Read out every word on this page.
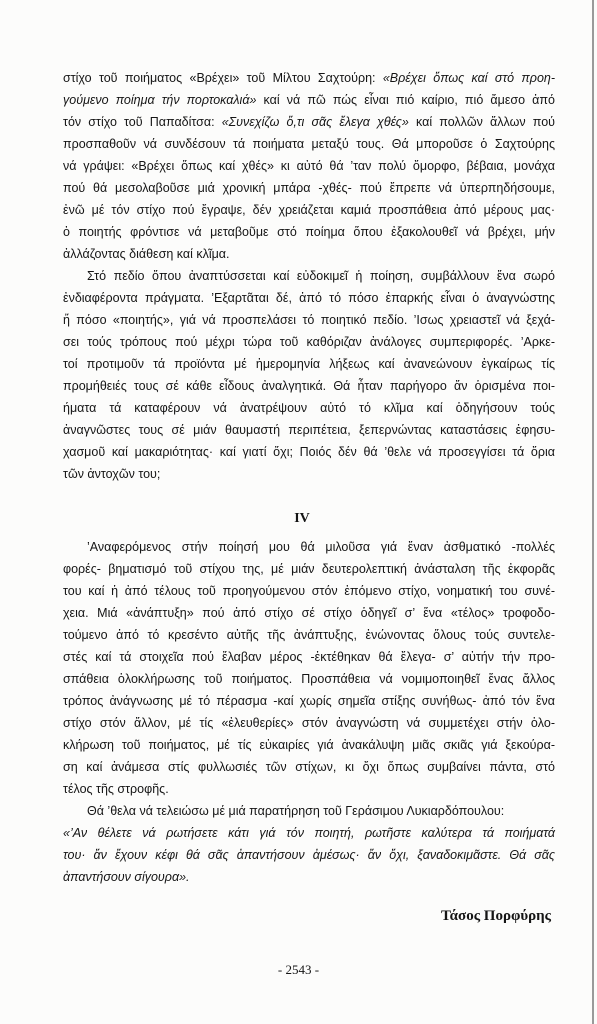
στίχο τοῦ ποιήματος «Βρέχει» τοῦ Μίλτου Σαχτούρη: «Βρέχει ὅπως καί στό προη-
γούμενο ποίημα τήν πορτοκαλιά» καί νά πῶ πώς εἶναι πιό καίριο, πιό ἄμεσο ἀπό
τόν στίχο τοῦ Παπαδίτσα: «Συνεχίζω ὅ,τι σᾶς ἔλεγα χθές» καί πολλῶν ἄλλων πού
προσπαθοῦν νά συνδέσουν τά ποιήματα μεταξύ τους. Θά μποροῦσε ὁ Σαχτούρης
νά γράψει: «Βρέχει ὅπως καί χθές» κι αὐτό θά ’ταν πολύ ὄμορφο, βέβαια, μονάχα
πού θά μεσολαβοῦσε μιά χρονική μπάρα -χθές- πού ἔπρεπε νά ὑπερπηδήσουμε,
ἐνῶ μέ τόν στίχο πού ἔγραψε, δέν χρειάζεται καμιά προσπάθεια ἀπό μέρους μας·
ὁ ποιητής φρόντισε νά μεταβοῦμε στό ποίημα ὅπου ἐξακολουθεῖ νά βρέχει, μήν
ἀλλάζοντας διάθεση καί κλῖμα.
Στό πεδίο ὅπου ἀναπτύσσεται καί εὐδοκιμεῖ ἡ ποίηση, συμβάλλουν ἕνα σωρό
ἐνδιαφέροντα πράγματα. ’Εξαρτᾶται δέ, ἀπό τό πόσο ἐπαρκής εἶναι ὁ ἀναγνώστης
ἤ πόσο «ποιητής», γιά νά προσπελάσει τό ποιητικό πεδίο. ’Ισως χρειαστεῖ νά ξεχά-
σει τούς τρόπους πού μέχρι τώρα τοῦ καθόριζαν ἀνάλογες συμπεριφορές. ’Αρκε-
τοί προτιμοῦν τά προϊόντα μέ ἡμερομηνία λήξεως καί ἀνανεώνουν ἐγκαίρως τίς
προμήθειές τους σέ κάθε εἶδους ἀναλγητικά. Θά ἦταν παρήγορο ἄν ὁρισμένα ποι-
ήματα τά καταφέρουν νά ἀνατρέψουν αὐτό τό κλῖμα καί ὁδηγήσουν τούς
ἀναγνῶστες τους σέ μιάν θαυμαστή περιπέτεια, ξεπερνώντας καταστάσεις ἐφησυ-
χασμοῦ καί μακαριότητας· καί γιατί ὄχι; Ποιός δέν θά ’θελε νά προσεγγίσει τά ὅρια
τῶν ἀντοχῶν του;
IV
’Αναφερόμενος στήν ποίησή μου θά μιλοῦσα γιά ἕναν ἀσθματικό -πολλές
φορές- βηματισμό τοῦ στίχου της, μέ μιάν δευτερολεπτική ἀνάσταλση τῆς ἐκφορᾶς
του καί ἡ ἀπό τέλους τοῦ προηγούμενου στόν ἑπόμενο στίχο, νοηματική του συνέ-
χεια. Μιά «ἀνάπτυξη» πού ἀπό στίχο σέ στίχο ὁδηγεῖ σ’ ἕνα «τέλος» τροφοδο-
τούμενο ἀπό τό κρεσέντο αὐτῆς τῆς ἀνάπτυξης, ἑνώνοντας ὅλους τούς συντελε-
στές καί τά στοιχεῖα πού ἔλαβαν μέρος -ἐκτέθηκαν θά ἔλεγα- σ’ αὐτήν τήν προ-
σπάθεια ὁλοκλήρωσης τοῦ ποιήματος. Προσπάθεια νά νομιμοποιηθεῖ ἕνας ἄλλος
τρόπος ἀνάγνωσης μέ τό πέρασμα -καί χωρίς σημεῖα στίξης συνήθως- ἀπό τόν ἕνα
στίχο στόν ἄλλον, μέ τίς «ἐλευθερίες» στόν ἀναγνώστη νά συμμετέχει στήν ὁλο-
κλήρωση τοῦ ποιήματος, μέ τίς εὐκαιρίες γιά ἀνακάλυψη μιᾶς σκιᾶς γιά ξεκούρα-
ση καί ἀνάμεσα στίς φυλλωσιές τῶν στίχων, κι ὄχι ὅπως συμβαίνει πάντα, στό
τέλος τῆς στροφῆς.
Θά ’θελα νά τελειώσω μέ μιά παρατήρηση τοῦ Γεράσιμου Λυκιαρδόπουλου:
«’Αν θέλετε νά ρωτήσετε κάτι γιά τόν ποιητή, ρωτῆστε καλύτερα τά ποιήματά
του· ἄν ἔχουν κέφι θά σᾶς ἀπαντήσουν ἀμέσως· ἄν ὄχι, ξαναδοκιμᾶστε. Θά σᾶς
ἀπαντήσουν σίγουρα».
Τάσος Πορφύρης
- 2543 -
